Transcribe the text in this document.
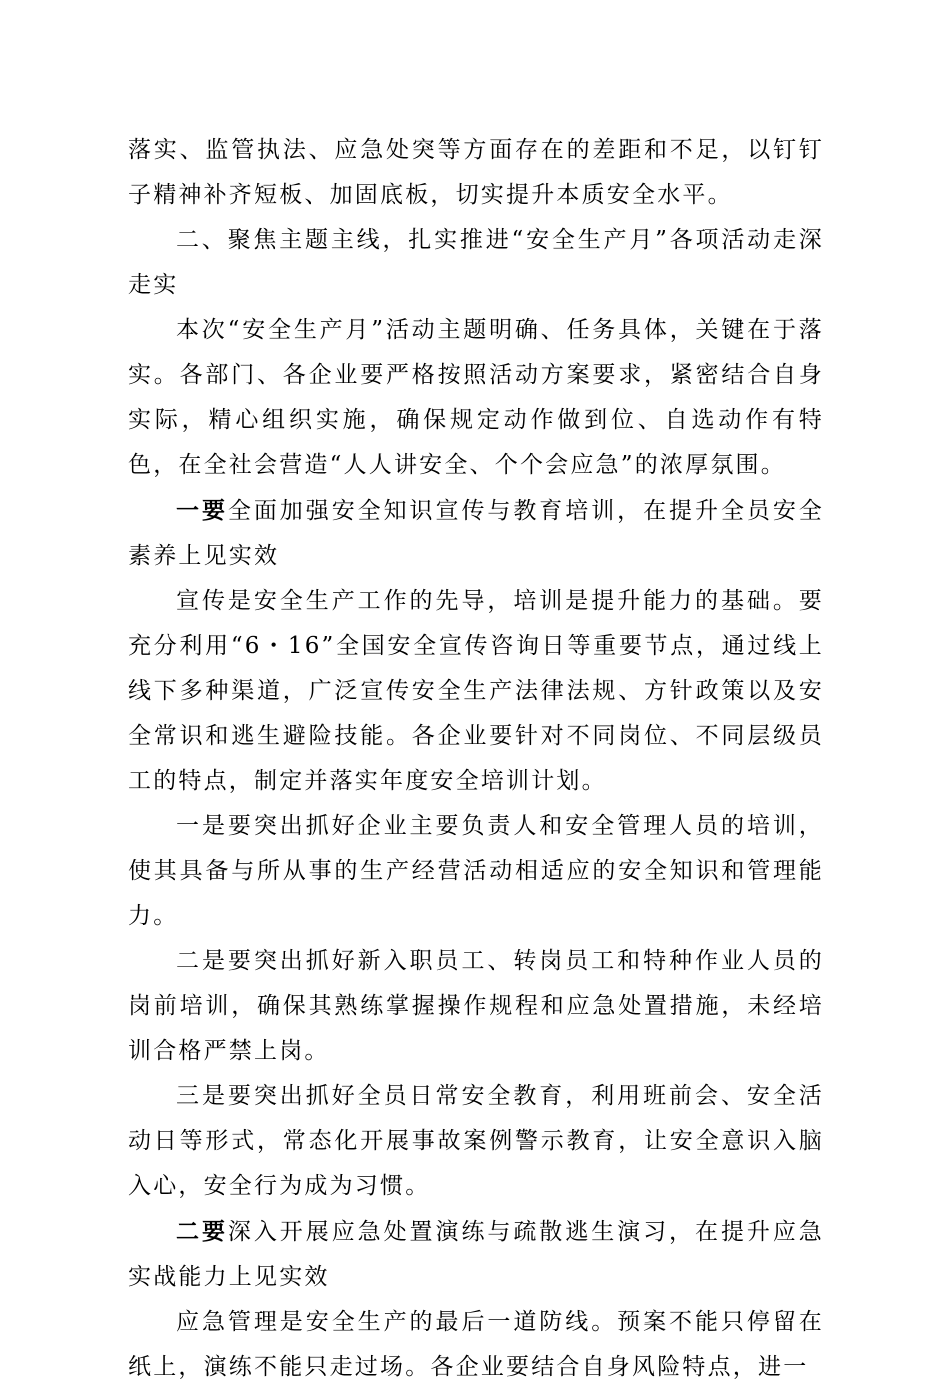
落实、监管执法、应急处突等方面存在的差距和不足，以钉钉子精神补齐短板、加固底板，切实提升本质安全水平。

二、聚焦主题主线，扎实推进“安全生产月”各项活动走深走实

本次“安全生产月”活动主题明确、任务具体，关键在于落实。各部门、各企业要严格按照活动方案要求，紧密结合自身实际，精心组织实施，确保规定动作做到位、自选动作有特色，在全社会营造“人人讲安全、个个会应急”的浓厚氛围。

一要全面加强安全知识宣传与教育培训，在提升全员安全素养上见实效

宣传是安全生产工作的先导，培训是提升能力的基础。要充分利用“6・16”全国安全宣传咨询日等重要节点，通过线上线下多种渠道，广泛宣传安全生产法律法规、方针政策以及安全常识和逃生避险技能。各企业要针对不同岗位、不同层级员工的特点，制定并落实年度安全培训计划。

一是要突出抓好企业主要负责人和安全管理人员的培训，使其具备与所从事的生产经营活动相适应的安全知识和管理能力。

二是要突出抓好新入职员工、转岗员工和特种作业人员的岗前培训，确保其熟练掌握操作规程和应急处置措施，未经培训合格严禁上岗。

三是要突出抓好全员日常安全教育，利用班前会、安全活动日等形式，常态化开展事故案例警示教育，让安全意识入脑入心，安全行为成为习惯。

二要深入开展应急处置演练与疏散逃生演习，在提升应急实战能力上见实效

应急管理是安全生产的最后一道防线。预案不能只停留在纸上，演练不能只走过场。各企业要结合自身风险特点，进一
